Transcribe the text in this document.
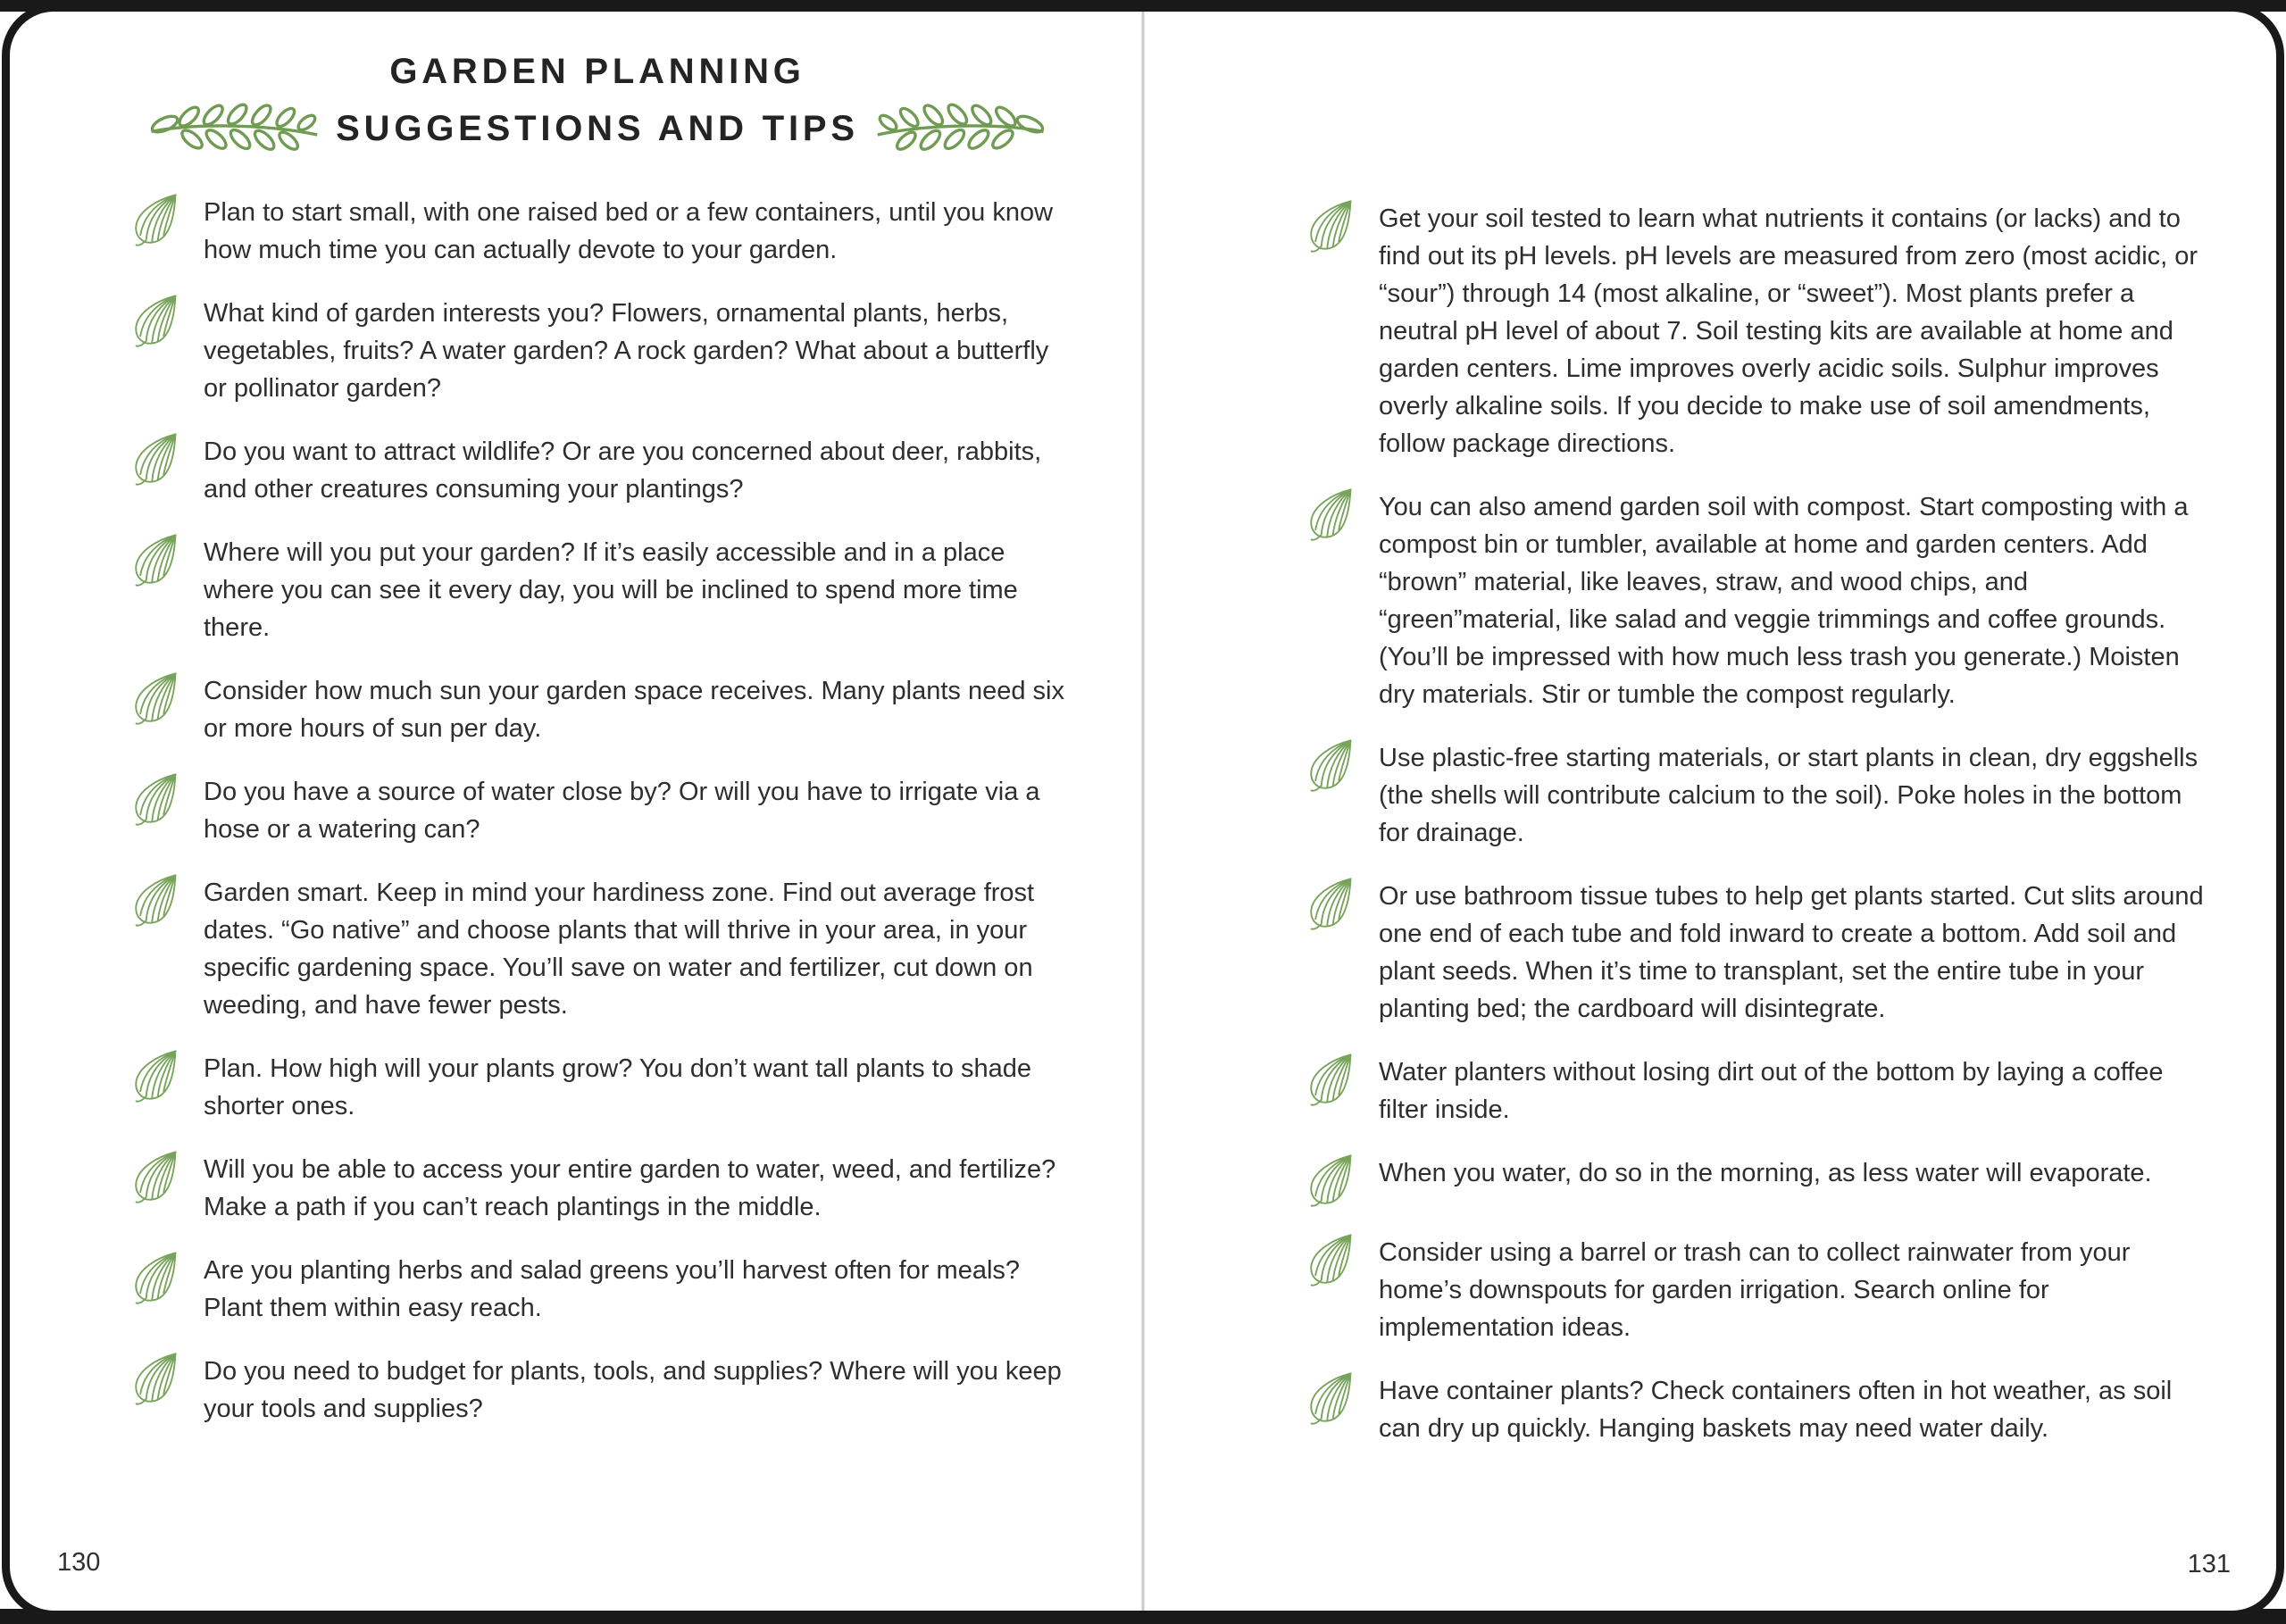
GARDEN PLANNING
SUGGESTIONS AND TIPS
Plan to start small, with one raised bed or a few containers, until you know how much time you can actually devote to your garden.
What kind of garden interests you? Flowers, ornamental plants, herbs, vegetables, fruits? A water garden? A rock garden? What about a butterfly or pollinator garden?
Do you want to attract wildlife? Or are you concerned about deer, rabbits, and other creatures consuming your plantings?
Where will you put your garden? If it’s easily accessible and in a place where you can see it every day, you will be inclined to spend more time there.
Consider how much sun your garden space receives. Many plants need six or more hours of sun per day.
Do you have a source of water close by? Or will you have to irrigate via a hose or a watering can?
Garden smart. Keep in mind your hardiness zone. Find out average frost dates. “Go native” and choose plants that will thrive in your area, in your specific gardening space. You’ll save on water and fertilizer, cut down on weeding, and have fewer pests.
Plan. How high will your plants grow? You don’t want tall plants to shade shorter ones.
Will you be able to access your entire garden to water, weed, and fertilize? Make a path if you can’t reach plantings in the middle.
Are you planting herbs and salad greens you’ll harvest often for meals? Plant them within easy reach.
Do you need to budget for plants, tools, and supplies? Where will you keep your tools and supplies?
Get your soil tested to learn what nutrients it contains (or lacks) and to find out its pH levels. pH levels are measured from zero (most acidic, or “sour”) through 14 (most alkaline, or “sweet”). Most plants prefer a neutral pH level of about 7. Soil testing kits are available at home and garden centers. Lime improves overly acidic soils. Sulphur improves overly alkaline soils. If you decide to make use of soil amendments, follow package directions.
You can also amend garden soil with compost. Start composting with a compost bin or tumbler, available at home and garden centers. Add “brown” material, like leaves, straw, and wood chips, and “green”material, like salad and veggie trimmings and coffee grounds. (You’ll be impressed with how much less trash you generate.) Moisten dry materials. Stir or tumble the compost regularly.
Use plastic-free starting materials, or start plants in clean, dry eggshells (the shells will contribute calcium to the soil). Poke holes in the bottom for drainage.
Or use bathroom tissue tubes to help get plants started. Cut slits around one end of each tube and fold inward to create a bottom. Add soil and plant seeds. When it’s time to transplant, set the entire tube in your planting bed; the cardboard will disintegrate.
Water planters without losing dirt out of the bottom by laying a coffee filter inside.
When you water, do so in the morning, as less water will evaporate.
Consider using a barrel or trash can to collect rainwater from your home’s downspouts for garden irrigation. Search online for implementation ideas.
Have container plants? Check containers often in hot weather, as soil can dry up quickly. Hanging baskets may need water daily.
130	131
